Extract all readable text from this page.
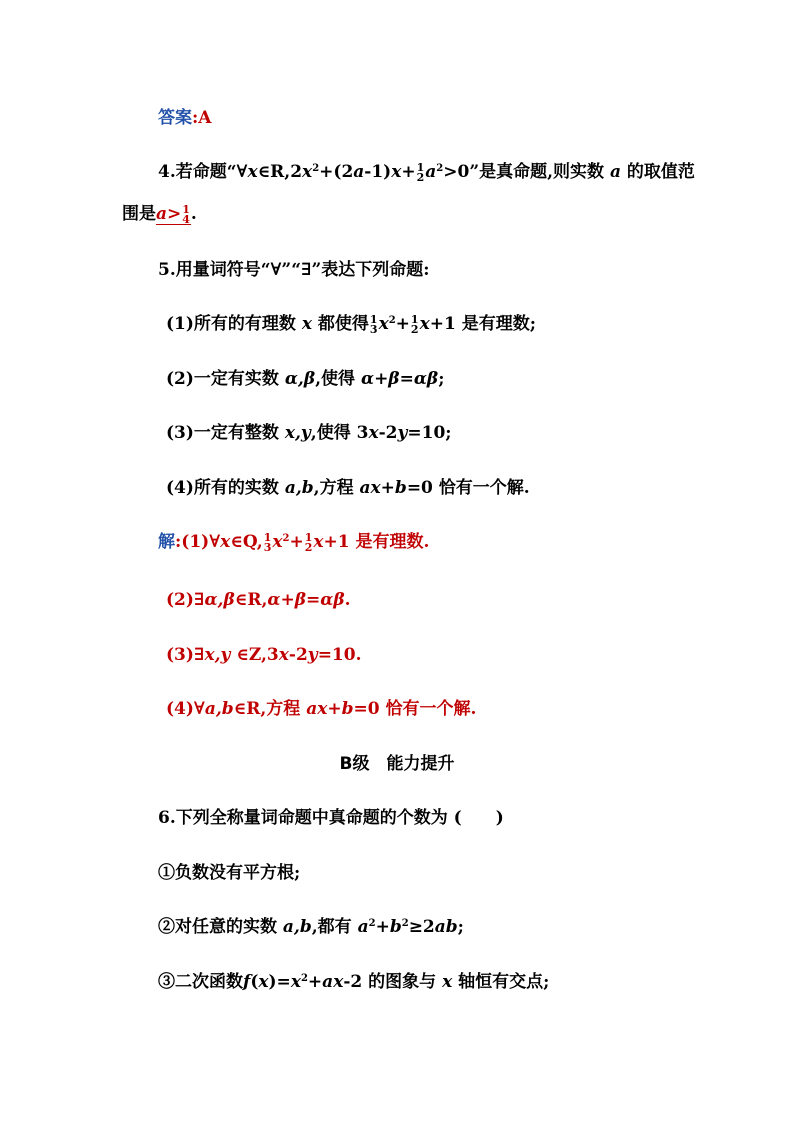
答案:A
4.若命题“$\forall x\in R,2x^2+(2a-1)x+ 1$
2 $a^2>0$”是真命题,则实数 a 的取值范
围是a> 1
4 .
5.用量词符号“∀”“∃”表达下列命题:
(1)所有的有理数 x 都使得 1
3 $x^2+ 1$
2 x+1 是有理数;
(2)一定有实数 α,β,使得 α+β=αβ;
(3)一定有整数 x,y,使得 3x-2y=10;
(4)所有的实数 a,b,方程 ax+b=0 恰有一个解.
解:(1)∀x∈Q, 1
3 $x^2+ 1$
2 x+1 是有理数.
(2)∃α,β∈R,α+β=αβ.
(3)∃x,y ∈Z,3x-2y=10.
(4)∀a,b∈R,方程 ax+b=0 恰有一个解.
B级　能力提升
6.下列全称量词命题中真命题的个数为 (　　)
①负数没有平方根;
②对任意的实数 a,b,都有 $a^2+b^2\ge 2ab$;
③二次函数$f(x)=x^2+ax-2$ 的图象与 x 轴恒有交点;
